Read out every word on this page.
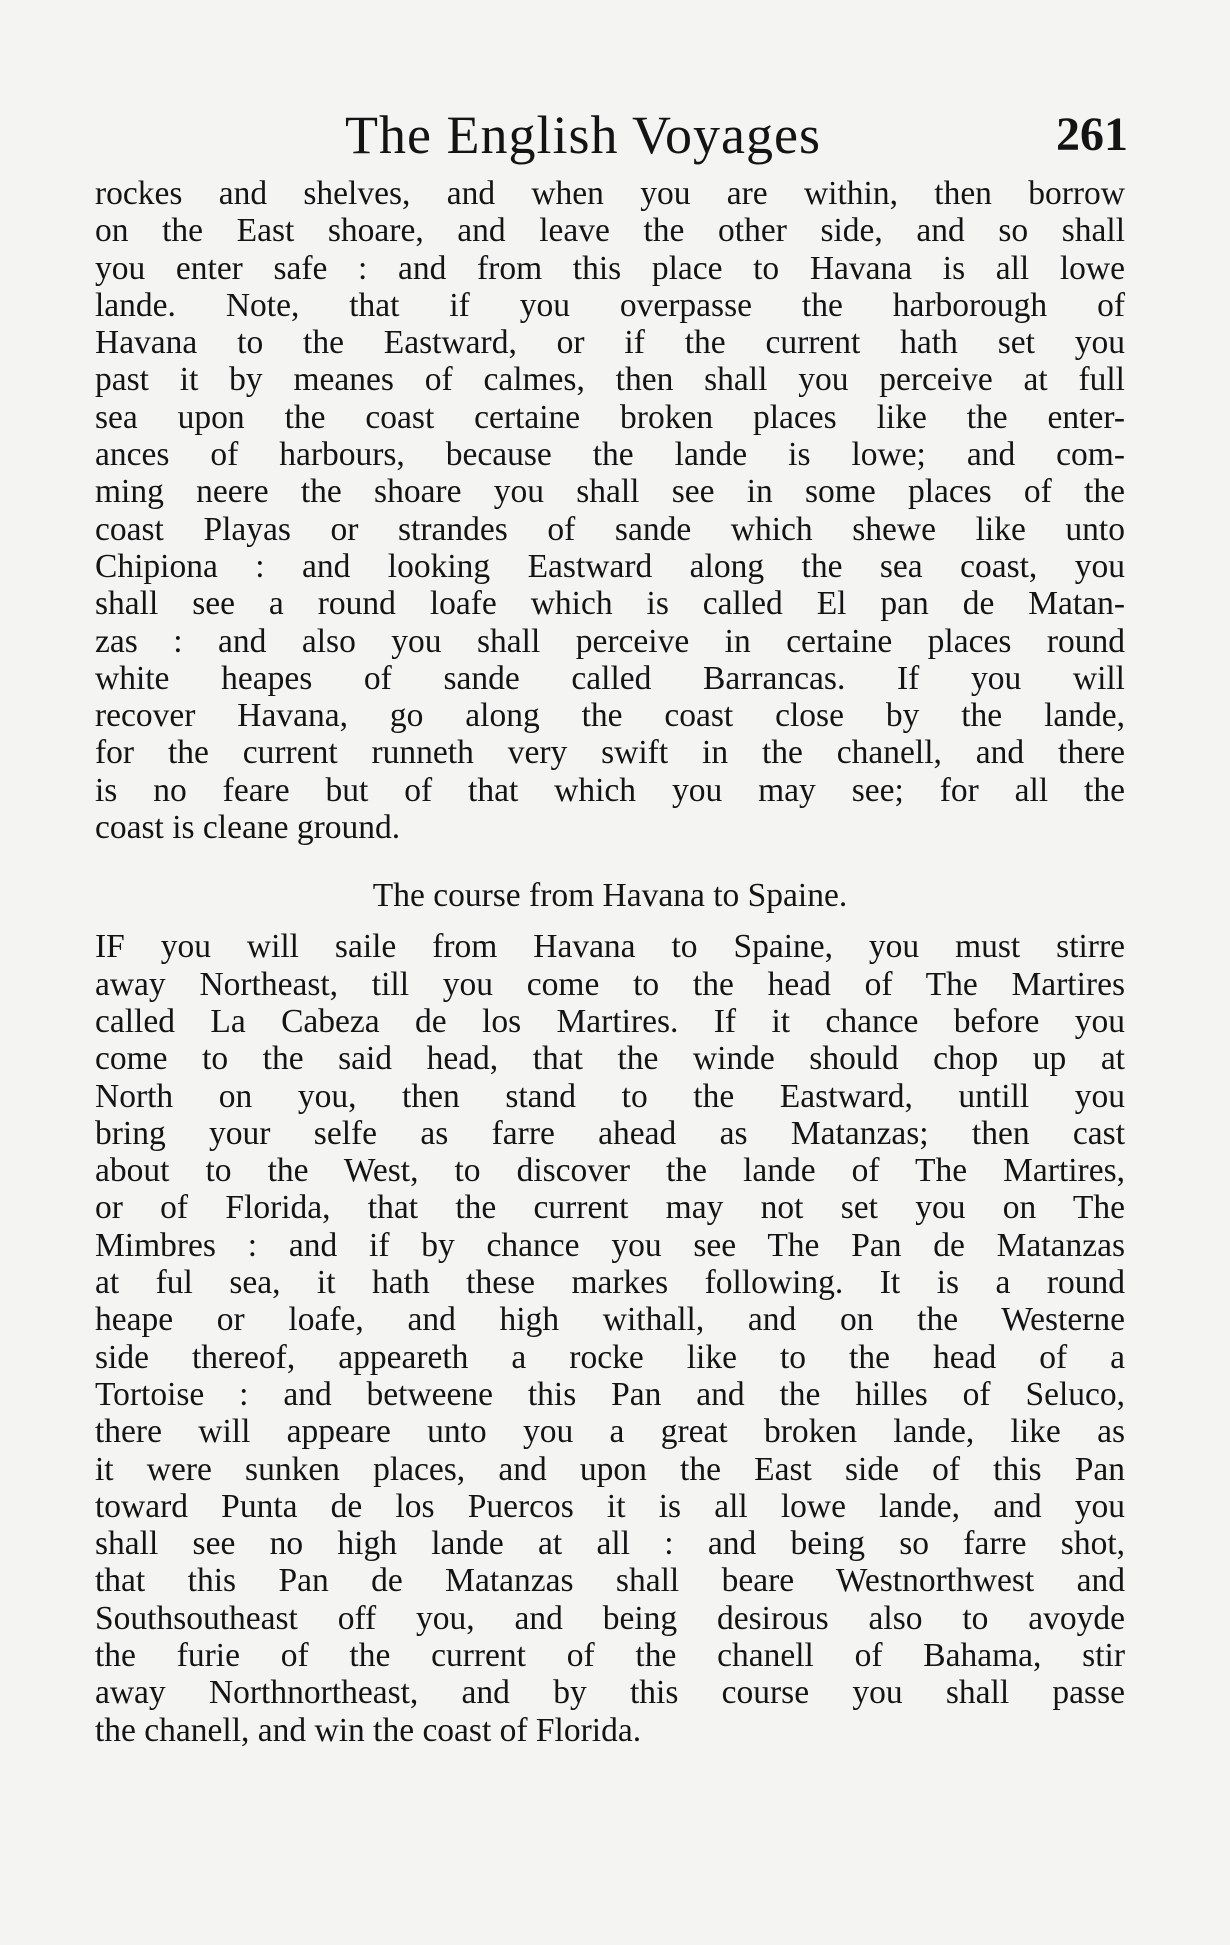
The English Voyages	261
rockes and shelves, and when you are within, then borrow
on the East shoare, and leave the other side, and so shall
you enter safe : and from this place to Havana is all lowe
lande. Note, that if you overpasse the harborough of
Havana to the Eastward, or if the current hath set you
past it by meanes of calmes, then shall you perceive at full
sea upon the coast certaine broken places like the enter-
ances of harbours, because the lande is lowe; and com-
ming neere the shoare you shall see in some places of the
coast Playas or strandes of sande which shewe like unto
Chipiona : and looking Eastward along the sea coast, you
shall see a round loafe which is called El pan de Matan-
zas : and also you shall perceive in certaine places round
white heapes of sande called Barrancas. If you will
recover Havana, go along the coast close by the lande,
for the current runneth very swift in the chanell, and there
is no feare but of that which you may see; for all the
coast is cleane ground.
The course from Havana to Spaine.
IF you will saile from Havana to Spaine, you must stirre
away Northeast, till you come to the head of The Martires
called La Cabeza de los Martires. If it chance before you
come to the said head, that the winde should chop up at
North on you, then stand to the Eastward, untill you
bring your selfe as farre ahead as Matanzas; then cast
about to the West, to discover the lande of The Martires,
or of Florida, that the current may not set you on The
Mimbres : and if by chance you see The Pan de Matanzas
at ful sea, it hath these markes following. It is a round
heape or loafe, and high withall, and on the Westerne
side thereof, appeareth a rocke like to the head of a
Tortoise : and betweene this Pan and the hilles of Seluco,
there will appeare unto you a great broken lande, like as
it were sunken places, and upon the East side of this Pan
toward Punta de los Puercos it is all lowe lande, and you
shall see no high lande at all : and being so farre shot,
that this Pan de Matanzas shall beare Westnorthwest and
Southsoutheast off you, and being desirous also to avoyde
the furie of the current of the chanell of Bahama, stir
away Northnortheast, and by this course you shall passe
the chanell, and win the coast of Florida.
